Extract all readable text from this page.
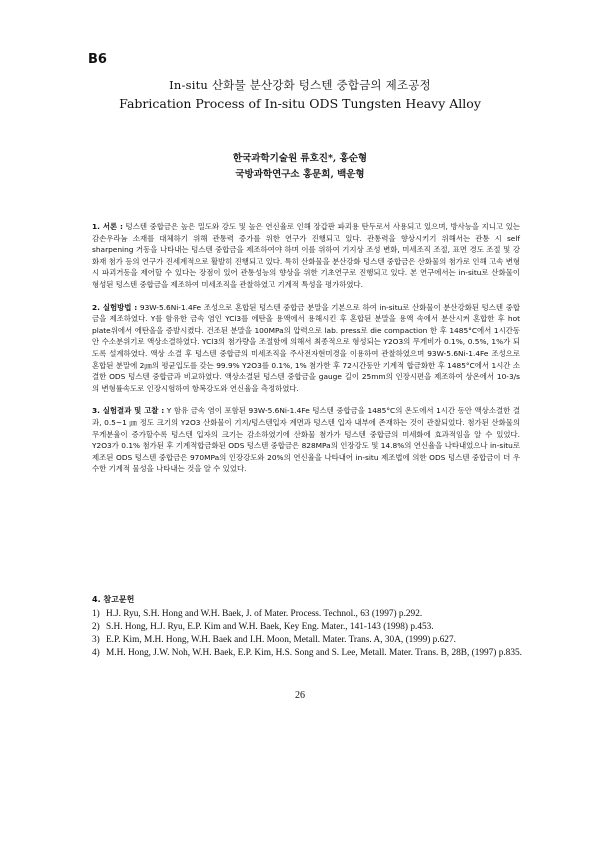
B6
In-situ 산화물 분산강화 텅스텐 중합금의 제조공정
Fabrication Process of In-situ ODS Tungsten Heavy Alloy
한국과학기술원 류호진*, 홍순형
국방과학연구소 홍문희, 백운형
1. 서론 :

텅스텐 중합금은 높은 밀도와 강도 및 높은 연신율로 인해 장갑판 파괴용 탄두로서 사용되고 있으며, 방사능을 지니고 있는 감손우라늄 소재를 대체하기 위해 관통력 증가를 위한 연구가 진행되고 있다. 관통력을 향상시키기 위해서는 관통 시 self sharpening 거동을 나타내는 텅스텐 중합금을 제조하여야 하며 이를 위하여 기지상 조성 변화, 미세조직 조절, 표면 경도 조절 및 강화재 첨가 등의 연구가 진세계적으로 활발히 진행되고 있다. 특히 산화물을 분산강화 텅스텐 중합금은 산화물의 첨가로 인해 고속 변형 시 파괴거동을 제어할 수 있다는 장점이 있어 관통성능의 향상을 위한 기초연구로 진행되고 있다. 본 연구에서는 in-situ로 산화물이 형성된 텅스텐 중합금을 제조하여 미세조직을 관찰하였고 기계적 특성을 평가하였다.

2. 실험방법 :

93W-5.6Ni-1.4Fe 조성으로 혼합된 텅스텐 중합금 분말을 기본으로 하여 in-situ로 산화물이 분산강화된 텅스텐 중합금을 제조하였다. Y를 함유한 금속 염인 YCl3를 에탄올 용액에서 용해시킨 후 혼합된 분말을 용액 속에서 분산시켜 혼합한 후 hot plate위에서 에탄올을 증발시켰다. 건조된 분말을 100MPa의 압력으로 lab. press로 die compaction 한 후 1485°C에서 1시간동안 수소분위기로 액상소결하였다. YCl3의 첨가량을 조절함에 의해서 최종적으로 형성되는 Y2O3의 무게비가 0.1%, 0.5%, 1%가 되도록 설계하였다. 액상 소결 후 텅스텐 중합금의 미세조직을 주사전자현미경을 이용하여 관찰하였으며 93W-5.6Ni-1.4Fe 조성으로 혼합된 분말에 2㎛의 평균입도를 갖는 99.9% Y2O3를 0.1%, 1% 첨가한 후 72시간동안 기계적 합금화한 후 1485°C에서 1시간 소결한 ODS 텅스텐 중합금과 비교하였다. 액상소결된 텅스텐 중합금을 gauge 길이 25mm의 인장시편을 제조하여 상온에서 10-3/s의 변형률속도로 인장시험하여 항복강도와 연신율을 측정하였다.

3. 실험결과 및 고찰 :

Y 함유 금속 염이 포함된 93W-5.6Ni-1.4Fe 텅스텐 중합금을 1485°C의 온도에서 1시간 동안 액상소결한 결과, 0.5~1 ㎛ 정도 크기의 Y2O3 산화물이 기지/텅스텐입자 계면과 텅스텐 입자 내부에 존재하는 것이 관찰되었다. 첨가된 산화물의 무게분율이 증가할수록 텅스텐 입자의 크기는 감소하였기에 산화물 첨가가 텅스텐 중합금의 미세화에 효과적임을 알 수 있었다. Y2O3가 0.1% 첨가된 후 기계적합금화된 ODS 텅스텐 중합금은 828MPa의 인장강도 및 14.8%의 연신율을 나타내었으나 in-situ로 제조된 ODS 텅스텐 중합금은 970MPa의 인장강도와 20%의 연신율을 나타내어 in-situ 제조법에 의한 ODS 텅스텐 중합금이 더 우수한 기계적 물성을 나타내는 것을 알 수 있었다.

4. 참고문헌
1) H.J. Ryu, S.H. Hong and W.H. Baek, J. of Mater. Process. Technol., 63 (1997) p.292.
2) S.H. Hong, H.J. Ryu, E.P. Kim and W.H. Baek, Key Eng. Mater., 141-143 (1998) p.453.
3) E.P. Kim, M.H. Hong, W.H. Baek and I.H. Moon, Metall. Mater. Trans. A, 30A, (1999) p.627.
4) M.H. Hong, J.W. Noh, W.H. Baek, E.P. Kim, H.S. Song and S. Lee, Metall. Mater. Trans. B, 28B, (1997) p.835.
26
